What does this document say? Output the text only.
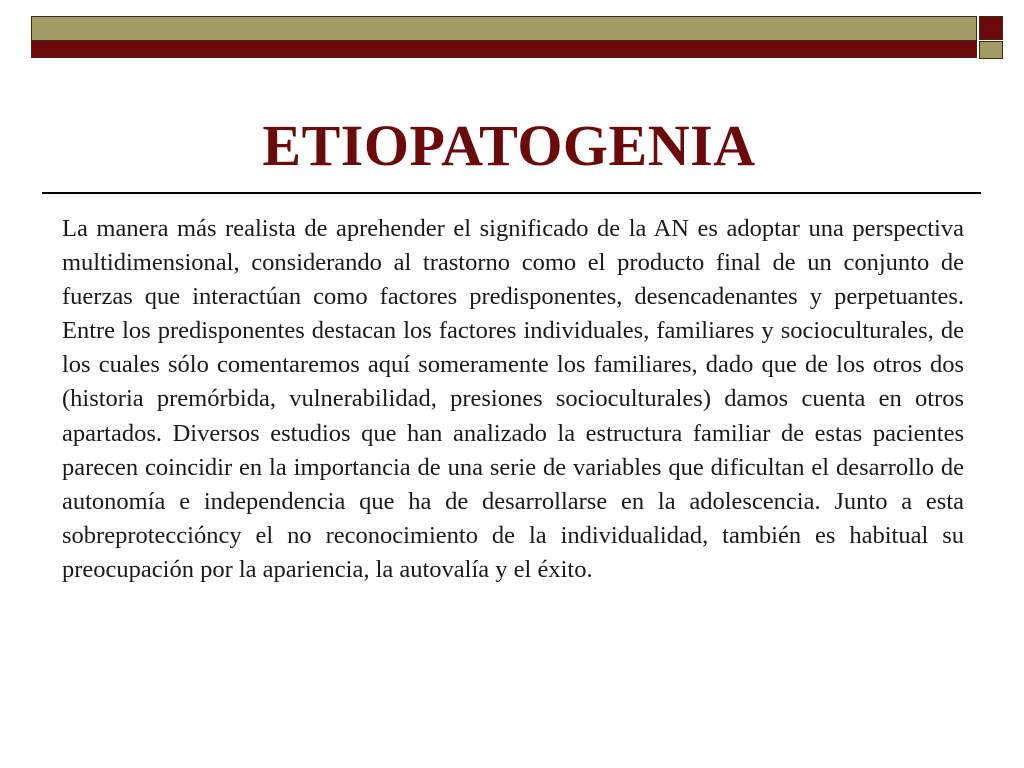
ETIOPATOGENIA

La manera más realista de aprehender el significado de la AN es adoptar una perspectiva multidimensional, considerando al trastorno como el producto final de un conjunto de fuerzas que interactúan como factores predisponentes, desencadenantes y perpetuantes. Entre los predisponentes destacan los factores individuales, familiares y socioculturales, de los cuales sólo comentaremos aquí someramente los familiares, dado que de los otros dos (historia premórbida, vulnerabilidad, presiones socioculturales) damos cuenta en otros apartados. Diversos estudios que han analizado la estructura familiar de estas pacientes parecen coincidir en la importancia de una serie de variables que dificultan el desarrollo de autonomía e independencia que ha de desarrollarse en la adolescencia. Junto a esta sobreprotecciónсy el no reconocimiento de la individualidad, también es habitual su preocupación por la apariencia, la autovalía y el éxito.
